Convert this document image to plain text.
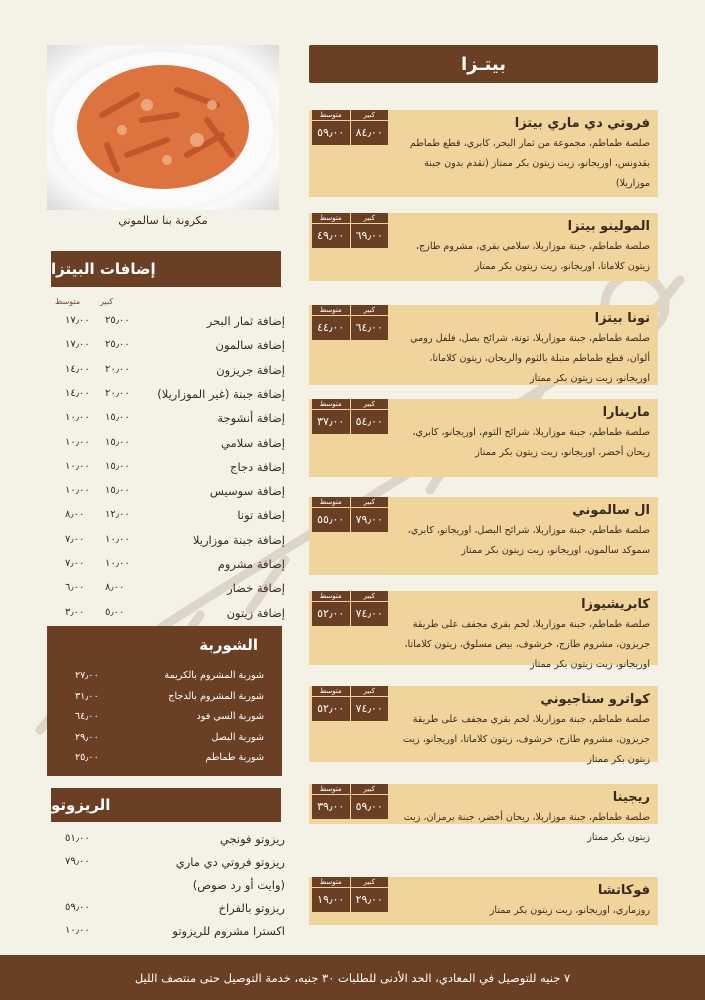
بيتـزا
فروتي دي ماري بيتزا
صلصة طماطم، مجموعة من ثمار البحر، كابري، قطع طماطم بقدونس، اوريجانو، زيت زيتون بكر ممتاز (تقدم بدون جبنة موزاريلا)
متوسط
٥٩٫٠٠
كبير
٨٤٫٠٠
المولينو بيتزا
صلصة طماطم، جبنة موزاريلا، سلامي بقري، مشروم طازج، زيتون كلاماتا، اوريجانو، زيت زيتون بكر ممتاز
متوسط
٤٩٫٠٠
كبير
٦٩٫٠٠
تونا بيتزا
صلصة طماطم، جبنة موزاريلا، تونة، شرائح بصل، فلفل رومي ألوان، قطع طماطم متبلة بالثوم والريحان، زيتون كلاماتا، اوريجانو، زيت زيتون بكر ممتاز
متوسط
٤٤٫٠٠
كبير
٦٤٫٠٠
مارينارا
صلصة طماطم، جبنة موزاريلا، شرائح الثوم، اوريجانو، كابري، ريحان أخضر، اوريجانو، زيت زيتون بكر ممتاز
متوسط
٣٧٫٠٠
كبير
٥٤٫٠٠
ال سالموني
صلصة طماطم، جبنة موزاريلا، شرائح البصل، اوريجانو، كابري، سموكد سالمون، اوريجانو، زيت زيتون بكر ممتاز
متوسط
٥٥٫٠٠
كبير
٧٩٫٠٠
كابريشيوزا
صلصة طماطم، جبنة موزاريلا، لحم بقري مجفف على طريقة جريزون، مشروم طازج، خرشوف، بيض مسلوق، زيتون كلاماتا، اوريجانو، زيت زيتون بكر ممتاز
متوسط
٥٢٫٠٠
كبير
٧٤٫٠٠
كواترو ستاجيوني
صلصة طماطم، جبنة موزاريلا، لحم بقري مجفف على طريقة جريزون، مشروم طازج، خرشوف، زيتون كلاماتا، اوريجانو، زيت زيتون بكر ممتاز
متوسط
٥٢٫٠٠
كبير
٧٤٫٠٠
ريجينا
صلصة طماطم، جبنة موزاريلا، ريحان أخضر، جبنة برمزان، زيت زيتون بكر ممتاز
متوسط
٣٩٫٠٠
كبير
٥٩٫٠٠
فوكاتشا
روزماري، اوريجانو، زيت زيتون بكر ممتاز
متوسط
١٩٫٠٠
كبير
٢٩٫٠٠
مكرونة بنا سالموني
إضافات البيتزا
كبير
متوسط
إضافة ثمار البحر
٢٥٫٠٠
١٧٫٠٠
إضافة سالمون
٢٥٫٠٠
١٧٫٠٠
إضافة جريزون
٢٠٫٠٠
١٤٫٠٠
إضافة جبنة (غير الموزاريلا)
٢٠٫٠٠
١٤٫٠٠
إضافة أنشوجة
١٥٫٠٠
١٠٫٠٠
إضافة سلامي
١٥٫٠٠
١٠٫٠٠
إضافة دجاج
١٥٫٠٠
١٠٫٠٠
إضافة سوسيس
١٥٫٠٠
١٠٫٠٠
إضافة تونا
١٢٫٠٠
٨٫٠٠
إضافة جبنة موزاريلا
١٠٫٠٠
٧٫٠٠
إضافة مشروم
١٠٫٠٠
٧٫٠٠
إضافة خضار
٨٫٠٠
٦٫٠٠
إضافة زيتون
٥٫٠٠
٣٫٠٠
الشوربة
شوربة المشروم بالكريمة
٢٧٫٠٠
شوربة المشروم بالدجاج
٣١٫٠٠
شوربة السي فود
٦٤٫٠٠
شوربة البصل
٢٩٫٠٠
شوربة طماطم
٢٥٫٠٠
الريزوتو
ريزوتو فونجي
٥١٫٠٠
ريزوتو فروتي دي ماري
٧٩٫٠٠
(وايت أو رد صوص)
ريزوتو بالفراخ
٥٩٫٠٠
اكسترا مشروم للريزوتو
١٠٫٠٠
٧ جنيه للتوصيل في المعادي، الحد الأدنى للطلبات ٣٠ جنيه، خدمة التوصيل حتى منتصف الليل
